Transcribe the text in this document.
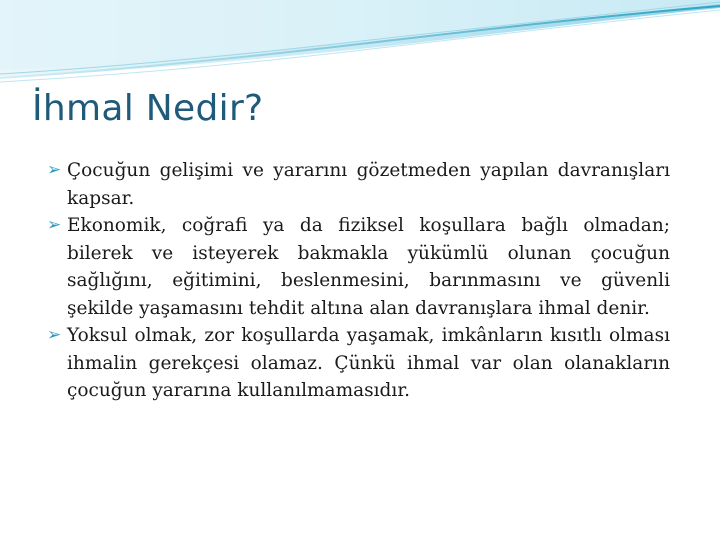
İhmal Nedir?
➢ Çocuğun gelişimi ve yararını gözetmeden yapılan davranışları kapsar.
➢ Ekonomik, coğrafi ya da fiziksel koşullara bağlı olmadan; bilerek ve isteyerek bakmakla yükümlü olunan çocuğun sağlığını, eğitimini, beslenmesini, barınmasını ve güvenli şekilde yaşamasını tehdit altına alan davranışlara ihmal denir.
➢ Yoksul olmak, zor koşullarda yaşamak, imkânların kısıtlı olması ihmalin gerekçesi olamaz. Çünkü ihmal var olan olanakların çocuğun yararına kullanılmamasıdır.
